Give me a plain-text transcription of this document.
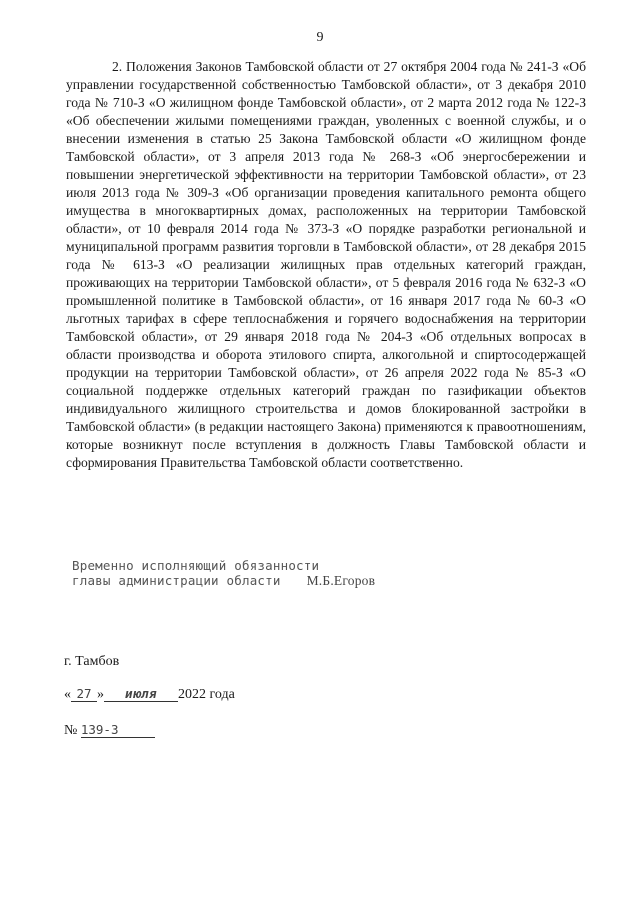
9

2. Положения Законов Тамбовской области от 27 октября 2004 года № 241-З «Об управлении государственной собственностью Тамбовской области», от 3 декабря 2010 года № 710-З «О жилищном фонде Тамбовской области», от 2 марта 2012 года № 122-З «Об обеспечении жилыми помещениями граждан, уволенных с военной службы, и о внесении изменения в статью 25 Закона Тамбовской области «О жилищном фонде Тамбовской области», от 3 апреля 2013 года № 268-З «Об энергосбережении и повышении энергетической эффективности на территории Тамбовской области», от 23 июля 2013 года № 309-З «Об организации проведения капитального ремонта общего имущества в многоквартирных домах, расположенных на территории Тамбовской области», от 10 февраля 2014 года № 373-З «О порядке разработки региональной и муниципальной программ развития торговли в Тамбовской области», от 28 декабря 2015 года № 613-З «О реализации жилищных прав отдельных категорий граждан, проживающих на территории Тамбовской области», от 5 февраля 2016 года № 632-З «О промышленной политике в Тамбовской области», от 16 января 2017 года № 60-З «О льготных тарифах в сфере теплоснабжения и горячего водоснабжения на территории Тамбовской области», от 29 января 2018 года № 204-З «Об отдельных вопросах в области производства и оборота этилового спирта, алкогольной и спиртосодержащей продукции на территории Тамбовской области», от 26 апреля 2022 года № 85-З «О социальной поддержке отдельных категорий граждан по газификации объектов индивидуального жилищного строительства и домов блокированной застройки в Тамбовской области» (в редакции настоящего Закона) применяются к правоотношениям, которые возникнут после вступления в должность Главы Тамбовской области и сформирования Правительства Тамбовской области соответственно.

Временно исполняющий обязанности
главы администрации области М.Б.Егоров
г. Тамбов
« 27 » июля 2022 года
№ 139-З
